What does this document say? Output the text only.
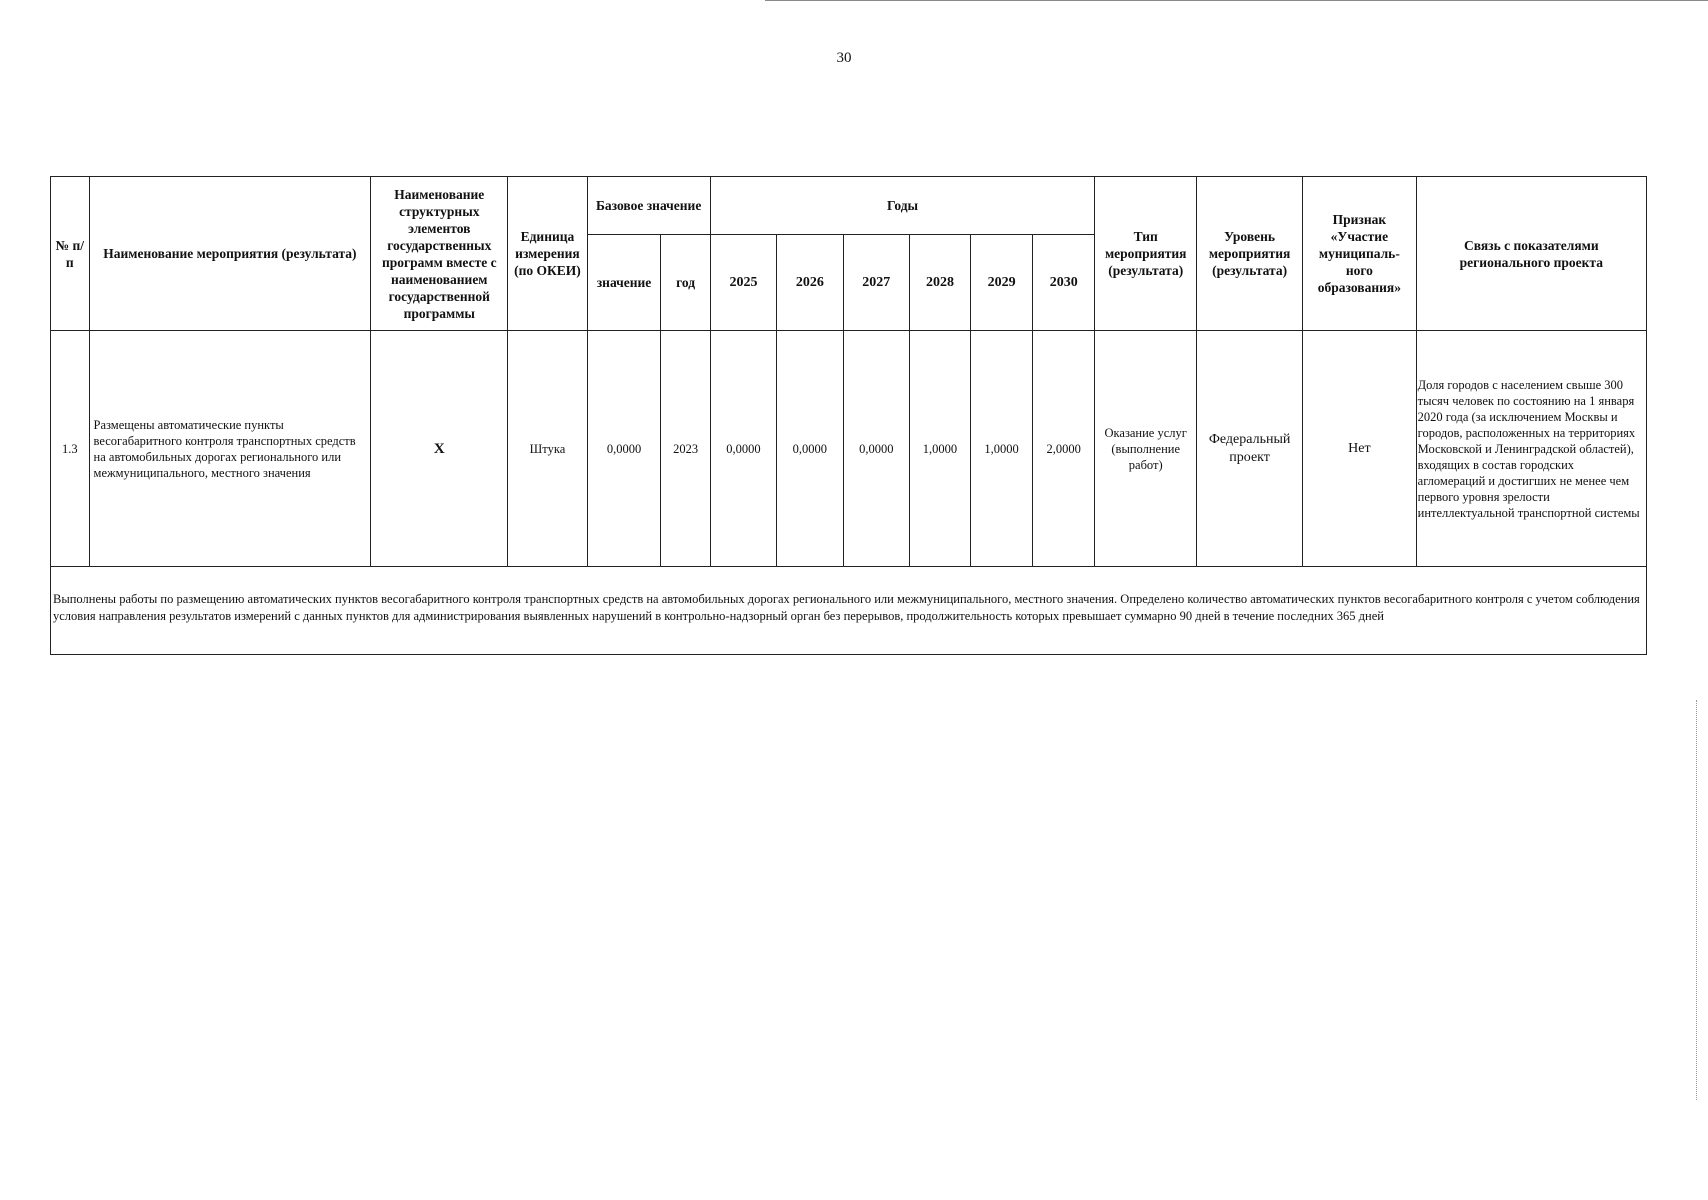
30
№ п/п	Наименование мероприятия (результата)	Наименование структурных элементов государственных программ вместе с наименованием государственной программы	Единица измерения (по ОКЕИ)	Базовое значение		Годы						Тип мероприятия (результата)	Уровень мероприятия (результата)	Признак «Участие муниципаль-ного образования»	Связь с показателями регионального проекта
				значение	год	2025	2026	2027	2028	2029	2030				
1.3	Размещены автоматические пункты весогабаритного контроля транспортных средств на автомобильных дорогах регионального или межмуниципального, местного значения	X	Штука	0,0000	2023	0,0000	0,0000	0,0000	1,0000	1,0000	2,0000	Оказание услуг (выполнение работ)	Федеральный проект	Нет	Доля городов с населением свыше 300 тысяч человек по состоянию на 1 января 2020 года (за исключением Москвы и городов, расположенных на территориях Московской и Ленинградской областей), входящих в состав городских агломераций и достигших не менее чем первого уровня зрелости интеллектуальной транспортной системы
Выполнены работы по размещению автоматических пунктов весогабаритного контроля транспортных средств на автомобильных дорогах регионального или межмуниципального, местного значения. Определено количество автоматических пунктов весогабаритного контроля с учетом соблюдения условия направления результатов измерений с данных пунктов для администрирования выявленных нарушений в контрольно-надзорный орган без перерывов, продолжительность которых превышает суммарно 90 дней в течение последних 365 дней															
